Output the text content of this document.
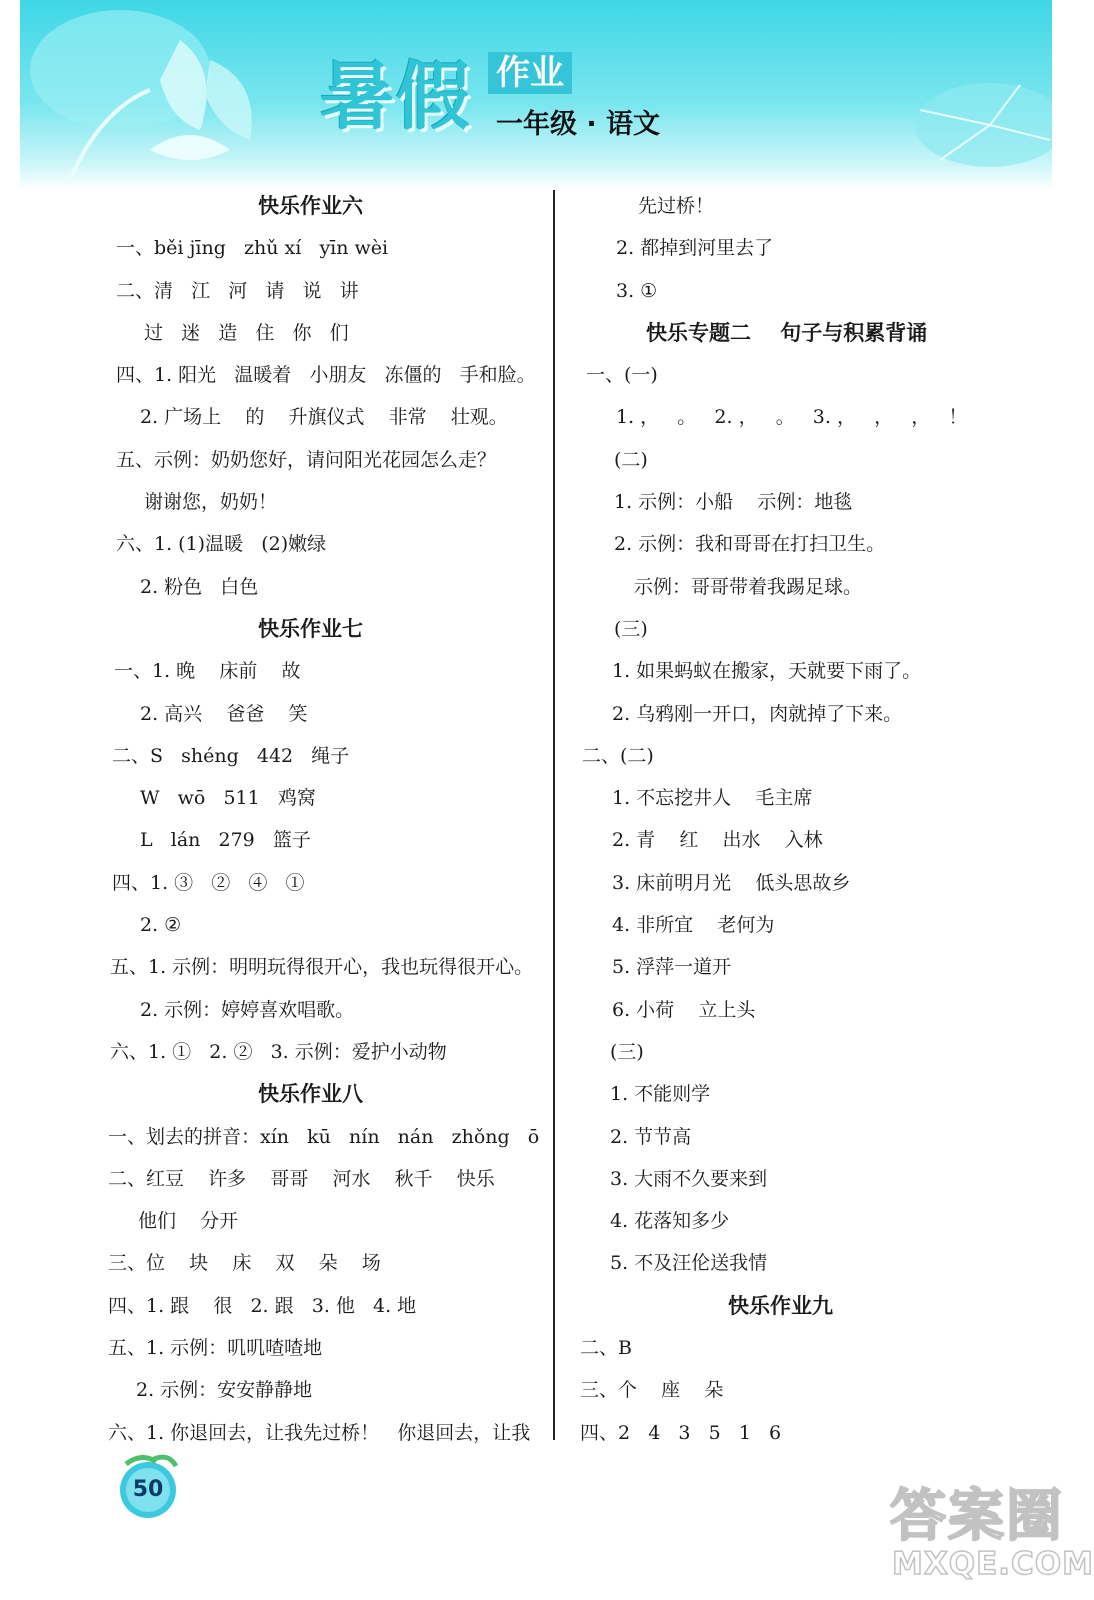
暑假 作业
一年级 · 语文
快乐作业六
一、běi jīng   zhǔ xí   yīn wèi
二、清   江   河   请   说   讲
过   迷   造   住   你   们
四、1. 阳光   温暖着   小朋友   冻僵的   手和脸。
2. 广场上    的    升旗仪式    非常    壮观。
五、示例：奶奶您好，请问阳光花园怎么走？
谢谢您，奶奶！
六、1. (1)温暖   (2)嫩绿
2. 粉色   白色
快乐作业七
一、1. 晚    床前    故
2. 高兴    爸爸    笑
二、S   shéng   442   绳子
W   wō   511   鸡窝
L   lán   279   篮子
四、1. ③   ②   ④   ①
2. ②
五、1. 示例：明明玩得很开心，我也玩得很开心。
2. 示例：婷婷喜欢唱歌。
六、1. ①   2. ②   3. 示例：爱护小动物
快乐作业八
一、划去的拼音：xín   kū   nín   nán   zhǒng   ō
二、红豆    许多    哥哥    河水    秋千    快乐
他们    分开
三、位    块    床    双    朵    场
四、1. 跟    很   2. 跟   3. 他   4. 地
五、1. 示例：叽叽喳喳地
2. 示例：安安静静地
六、1. 你退回去，让我先过桥！   你退回去，让我
先过桥！
2. 都掉到河里去了
3. ①
快乐专题二    句子与积累背诵
一、(一)
1. ，   。   2. ，   。   3. ，   ，   ，   ！
(二)
1. 示例：小船    示例：地毯
2. 示例：我和哥哥在打扫卫生。
示例：哥哥带着我踢足球。
(三)
1. 如果蚂蚁在搬家，天就要下雨了。
2. 乌鸦刚一开口，肉就掉了下来。
二、(二)
1. 不忘挖井人    毛主席
2. 青    红    出水    入林
3. 床前明月光    低头思故乡
4. 非所宜    老何为
5. 浮萍一道开
6. 小荷    立上头
(三)
1. 不能则学
2. 节节高
3. 大雨不久要来到
4. 花落知多少
5. 不及汪伦送我情
快乐作业九
二、B
三、个    座    朵
四、2   4   3   5   1   6
50	答案圈
MXQE.COM
